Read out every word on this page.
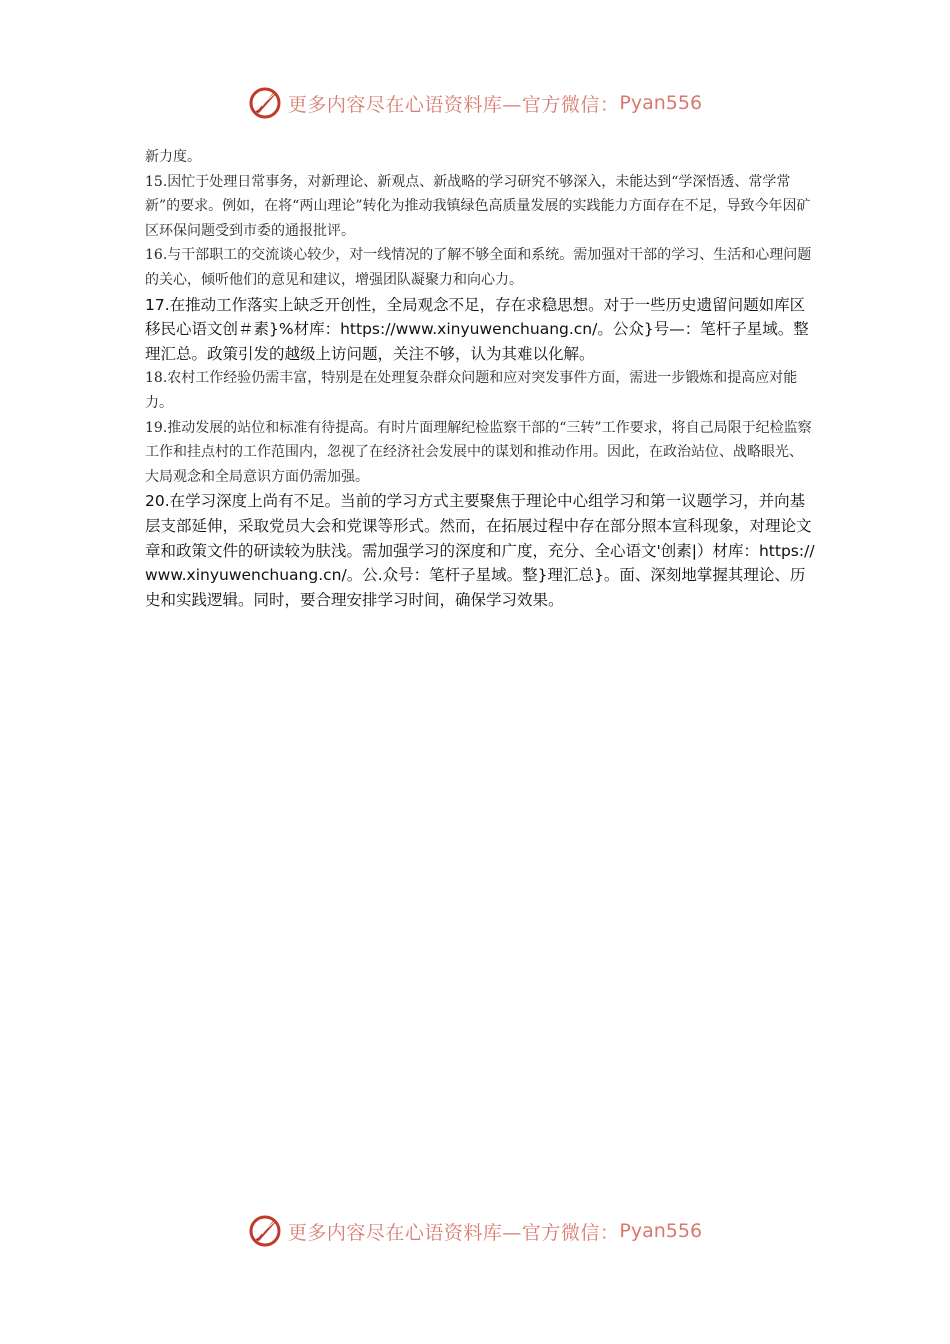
更多内容尽在心语资料库—官方微信： Pyan556

新力度。

15.因忙于处理日常事务，对新理论、新观点、新战略的学习研究不够深入，未能达到“学深悟透、常学常新”的要求。例如，在将“两山理论”转化为推动我镇绿色高质量发展的实践能力方面存在不足，导致今年因矿区环保问题受到市委的通报批评。

16.与干部职工的交流谈心较少，对一线情况的了解不够全面和系统。需加强对干部的学习、生活和心理问题的关心，倾听他们的意见和建议，增强团队凝聚力和向心力。

17.在推动工作落实上缺乏开创性，全局观念不足，存在求稳思想。对于一些历史遗留问题如库区移民心语文创＃素}%材库：https://www.xinyuwenchuang.cn/。公众}号—：笔杆子星域。整理汇总。政策引发的越级上访问题，关注不够，认为其难以化解。

18.农村工作经验仍需丰富，特别是在处理复杂群众问题和应对突发事件方面，需进一步锻炼和提高应对能力。

19.推动发展的站位和标准有待提高。有时片面理解纪检监察干部的“三转”工作要求，将自己局限于纪检监察工作和挂点村的工作范围内，忽视了在经济社会发展中的谋划和推动作用。因此，在政治站位、战略眼光、大局观念和全局意识方面仍需加强。

20.在学习深度上尚有不足。当前的学习方式主要聚焦于理论中心组学习和第一议题学习，并向基层支部延伸，采取党员大会和党课等形式。然而，在拓展过程中存在部分照本宣科现象，对理论文章和政策文件的研读较为肤浅。需加强学习的深度和广度，充分、全心语文'创素|）材库：https://www.xinyuwenchuang.cn/。公.众号：笔杆子星域。整}理汇总}。面、深刻地掌握其理论、历史和实践逻辑。同时，要合理安排学习时间，确保学习效果。

更多内容尽在心语资料库—官方微信： Pyan556
